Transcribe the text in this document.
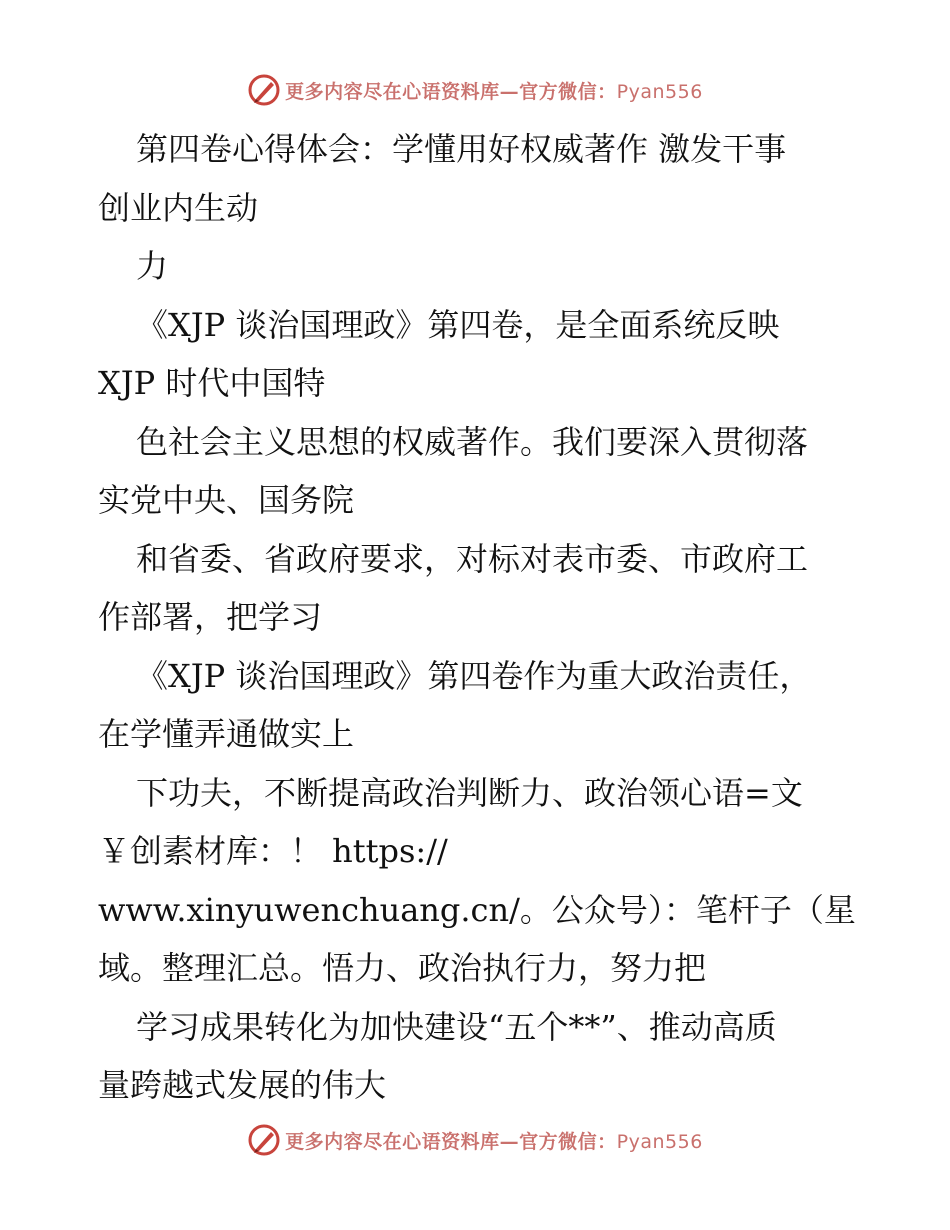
更多内容尽在心语资料库—官方微信：Pyan556
第四卷心得体会：学懂用好权威著作 激发干事
创业内生动
力
《XJP 谈治国理政》第四卷，是全面系统反映
XJP 时代中国特
色社会主义思想的权威著作。我们要深入贯彻落
实党中央、国务院
和省委、省政府要求，对标对表市委、市政府工
作部署，把学习
《XJP 谈治国理政》第四卷作为重大政治责任，
在学懂弄通做实上
下功夫，不断提高政治判断力、政治领心语=文
￥创素材库：！ https://
www.xinyuwenchuang.cn/。公众号）：笔杆子（星
域。整理汇总。悟力、政治执行力，努力把
学习成果转化为加快建设“五个**”、推动高质
量跨越式发展的伟大
更多内容尽在心语资料库—官方微信：Pyan556
